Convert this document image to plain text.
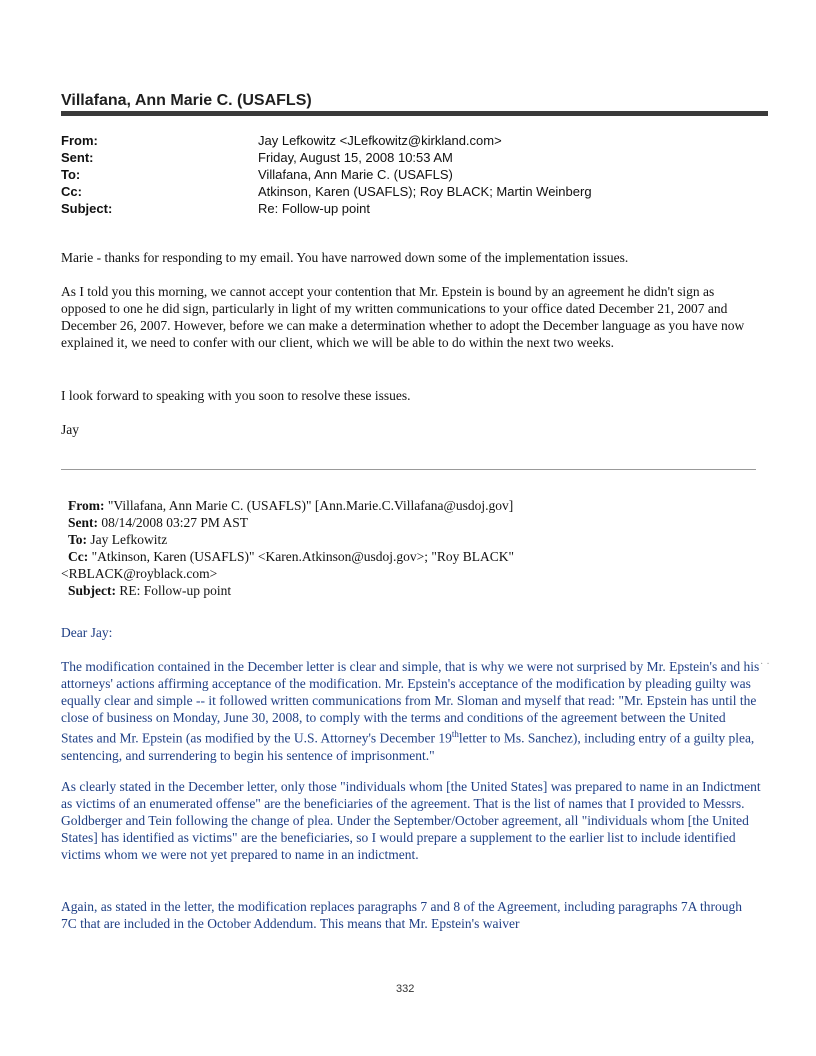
Villafana, Ann Marie C. (USAFLS)
From:	Jay Lefkowitz <JLefkowitz@kirkland.com>
Sent:	Friday, August 15, 2008 10:53 AM
To:	Villafana, Ann Marie C. (USAFLS)
Cc:	Atkinson, Karen (USAFLS); Roy BLACK; Martin Weinberg
Subject:	Re: Follow-up point

Marie - thanks for responding to my email. You have narrowed down some of the implementation issues.

As I told you this morning, we cannot accept your contention that Mr. Epstein is bound by an agreement he didn't sign as opposed to one he did sign, particularly in light of my written communications to your office dated December 21, 2007 and December 26, 2007. However, before we can make a determination whether to adopt the December language as you have now explained it, we need to confer with our client, which we will be able to do within the next two weeks.

I look forward to speaking with you soon to resolve these issues.

Jay

From: "Villafana, Ann Marie C. (USAFLS)" [Ann.Marie.C.Villafana@usdoj.gov]
Sent: 08/14/2008 03:27 PM AST
To: Jay Lefkowitz
Cc: "Atkinson, Karen (USAFLS)" <Karen.Atkinson@usdoj.gov>; "Roy BLACK"
<RBLACK@royblack.com>
Subject: RE: Follow-up point
Dear Jay:

The modification contained in the December letter is clear and simple, that is why we were not surprised by Mr. Epstein's and his attorneys' actions affirming acceptance of the modification. Mr. Epstein's acceptance of the modification by pleading guilty was equally clear and simple -- it followed written communications from Mr. Sloman and myself that read: "Mr. Epstein has until the close of business on Monday, June 30, 2008, to comply with the terms and conditions of the agreement between the United States and Mr. Epstein (as modified by the U.S. Attorney's December 19thletter to Ms. Sanchez), including entry of a guilty plea, sentencing, and surrendering to begin his sentence of imprisonment."

As clearly stated in the December letter, only those "individuals whom [the United States] was prepared to name in an Indictment as victims of an enumerated offense" are the beneficiaries of the agreement. That is the list of names that I provided to Messrs. Goldberger and Tein following the change of plea. Under the September/October agreement, all "individuals whom [the United States] has identified as victims" are the beneficiaries, so I would prepare a supplement to the earlier list to include identified victims whom we were not yet prepared to name in an indictment.

Again, as stated in the letter, the modification replaces paragraphs 7 and 8 of the Agreement, including paragraphs 7A through 7C that are included in the October Addendum. This means that Mr. Epstein's waiver

··
332
